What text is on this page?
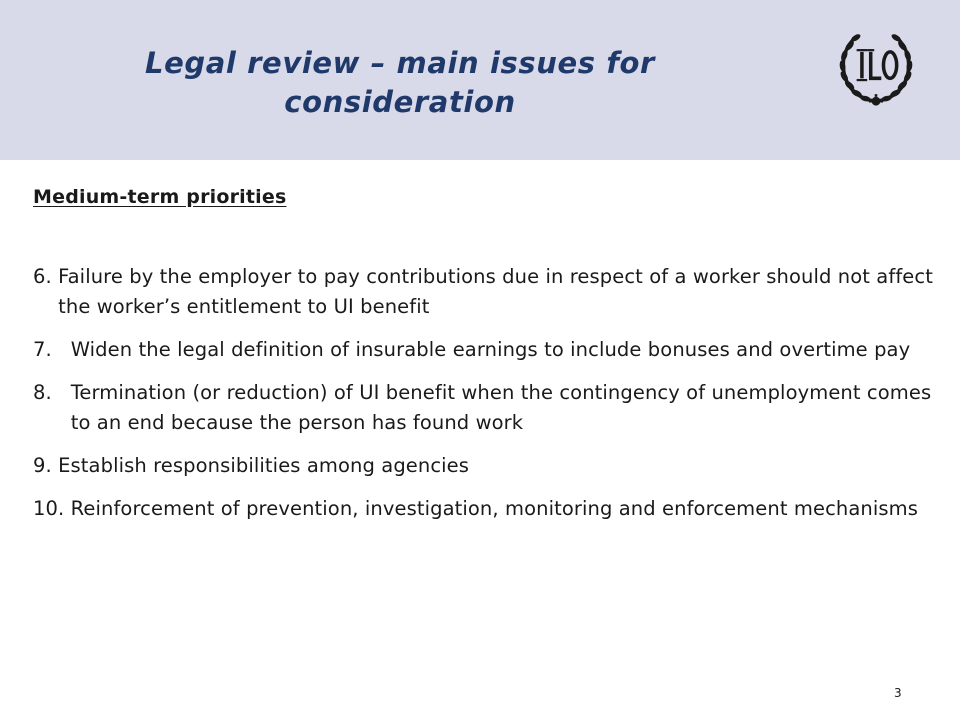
Legal review – main issues for
consideration
Medium-term priorities
6. Failure by the employer to pay contributions due in respect of a worker should not affect the worker’s entitlement to UI benefit
7. Widen the legal definition of insurable earnings to include bonuses and overtime pay
8. Termination (or reduction) of UI benefit when the contingency of unemployment comes to an end because the person has found work
9. Establish responsibilities among agencies
10. Reinforcement of prevention, investigation, monitoring and enforcement mechanisms
3
